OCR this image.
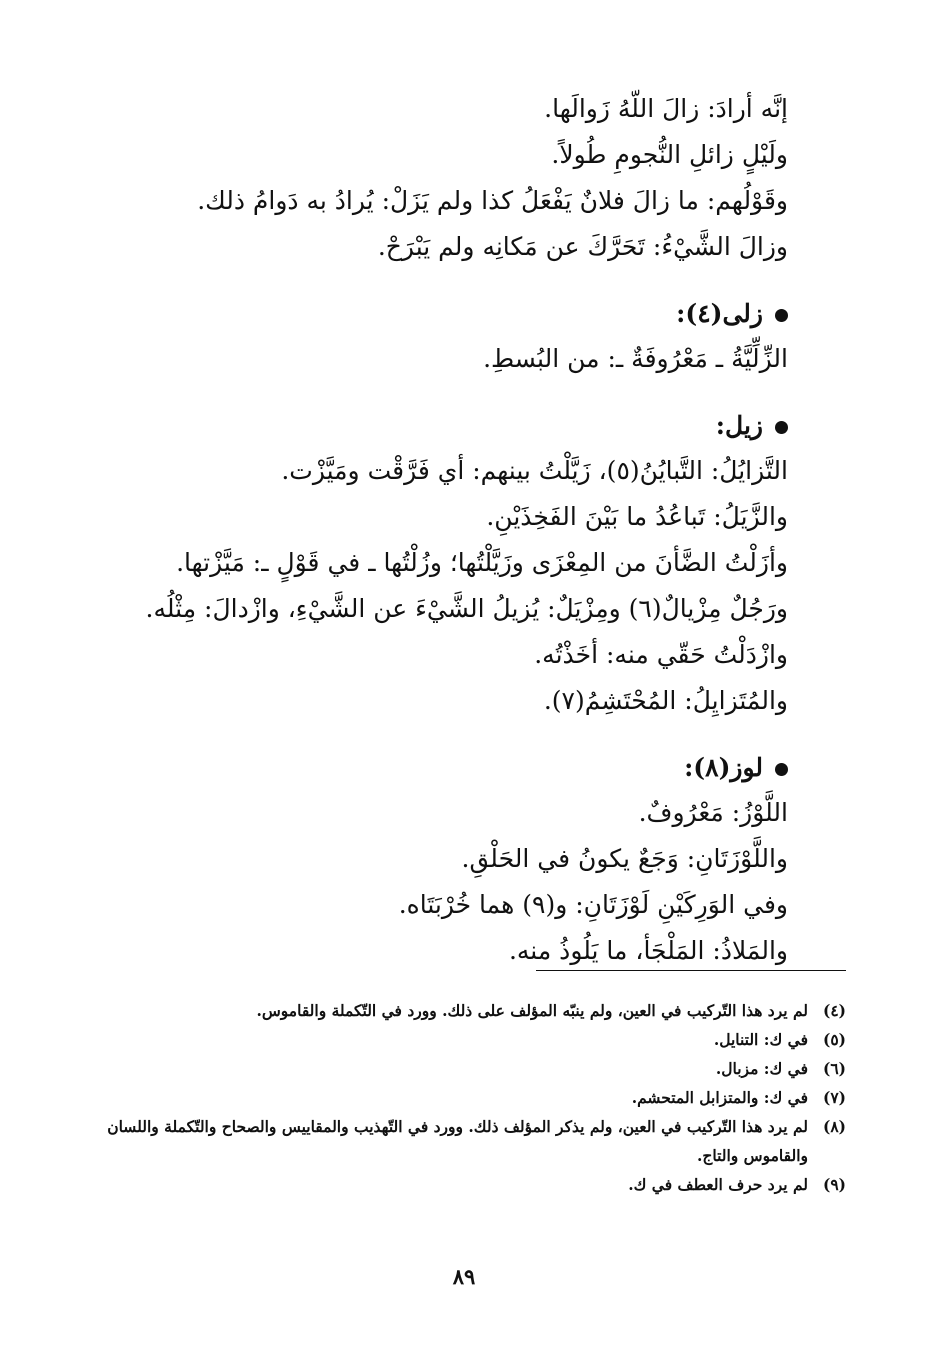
إنَّه أرادَ: زالَ اللّهُ زَوالَها.
ولَيْلٍ زائلِ النُّجومِ طُولاً.
وقَوْلُهم: ما زالَ فلانٌ يَفْعَلُ كذا ولم يَزَلْ: يُرادُ به دَوامُ ذلك.
وزالَ الشَّيْءُ: تَحَرَّكَ عن مَكانِه ولم يَبْرَحْ.
زلى(٤):
الزِّلِّيَّةُ ـ مَعْرُوفَةٌ ـ: من البُسطِ.
زيل:
التَّزايُلُ: التَّبايُنُ(٥)، زَيَّلْتُ بينهم: أي فَرَّقْت ومَيَّزْت.
والزَّيَلُ: تَباعُدُ ما بَيْنَ الفَخِذَيْنِ.
وأزَلْتُ الضَّأنَ من المِعْزَى وزَيَّلْتُها؛ وزُلْتُها ـ في قَوْلٍ ـ: مَيَّزْتها.
ورَجُلٌ مِزْيالٌ(٦) ومِزْيَلٌ: يُزيلُ الشَّيْءَ عن الشَّيْءِ، وازْدالَ: مِثْلُه.
وازْدَلْتُ حَقّي منه: أخَذْتُه.
والمُتَزايِلُ: المُحْتَشِمُ(٧).
لوز(٨):
اللَّوْزُ: مَعْرُوفٌ.
واللَّوْزَتَانِ: وَجَعٌ يكونُ في الحَلْقِ.
وفي الوَرِكَيْنِ لَوْزَتَانِ: و(٩) هما خُرْبَتَاه.
والمَلاذُ: المَلْجَأ، ما يَلُوذُ منه.
(٤)
لم يرد هذا التّركيب في العين، ولم ينبّه المؤلف على ذلك. وورد في التّكملة والقاموس.
(٥)
في ك: التنايل.
(٦)
في ك: مزبال.
(٧)
في ك: والمتزابل المتحشم.
(٨)
لم يرد هذا التّركيب في العين، ولم يذكر المؤلف ذلك. وورد في التّهذيب والمقاييس والصحاح والتّكملة واللسان والقاموس والتاج.
(٩)
لم يرد حرف العطف في ك.
٨٩
